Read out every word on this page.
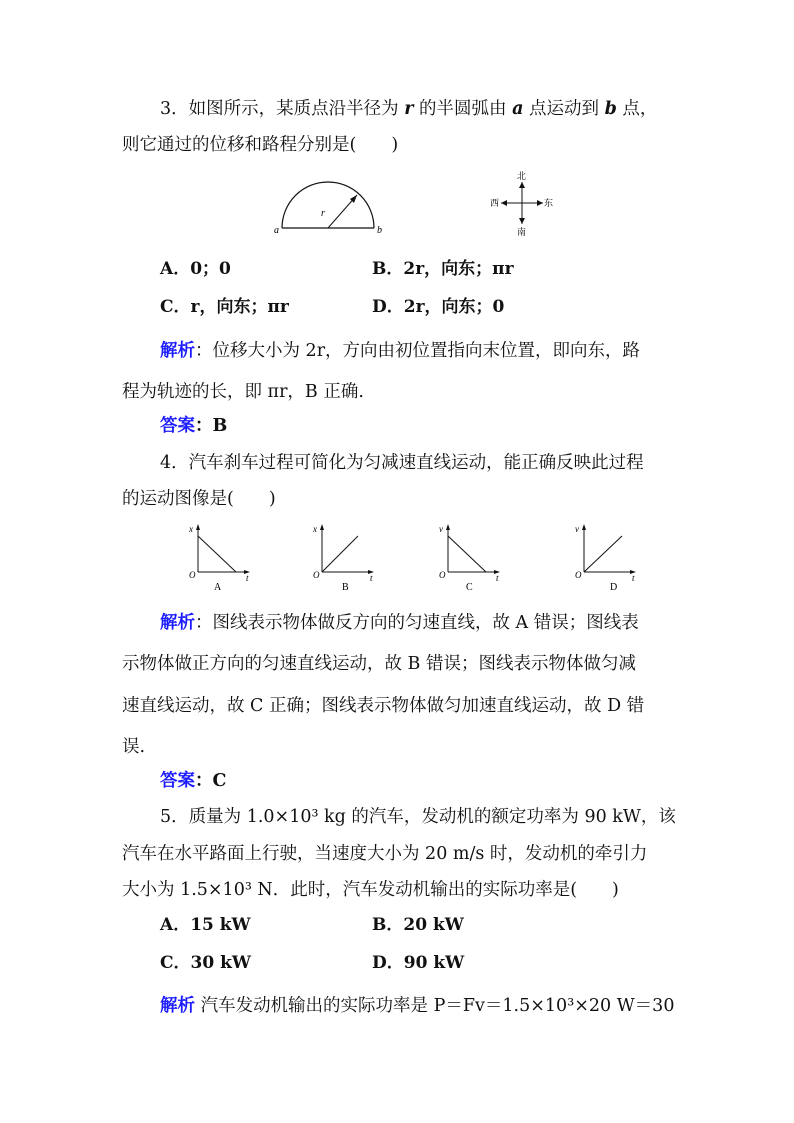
3．如图所示，某质点沿半径为 r 的半圆弧由 a 点运动到 b 点，
则它通过的位移和路程分别是(　　)
r
a	b
北
南
西	东
A．0；0	B．2r，向东；πr
C．r，向东；πr	D．2r，向东；0
解析：位移大小为 2r，方向由初位置指向末位置，即向东，路
程为轨迹的长，即 πr，B 正确.
答案：B
4．汽车刹车过程可简化为匀减速直线运动，能正确反映此过程
的运动图像是(　　)
x
O	t
A
x
O	t
B
v
O	t
C
v
O	t
D
解析：图线表示物体做反方向的匀速直线，故 A 错误；图线表
示物体做正方向的匀速直线运动，故 B 错误；图线表示物体做匀减
速直线运动，故 C 正确；图线表示物体做匀加速直线运动，故 D 错
误.
答案：C
5．质量为 1.0×10³ kg 的汽车，发动机的额定功率为 90 kW，该
汽车在水平路面上行驶，当速度大小为 20 m/s 时，发动机的牵引力
大小为 1.5×10³ N．此时，汽车发动机输出的实际功率是(　　)
A．15 kW	B．20 kW
C．30 kW	D．90 kW
解析 汽车发动机输出的实际功率是 P＝Fv＝1.5×10³×20 W＝30
